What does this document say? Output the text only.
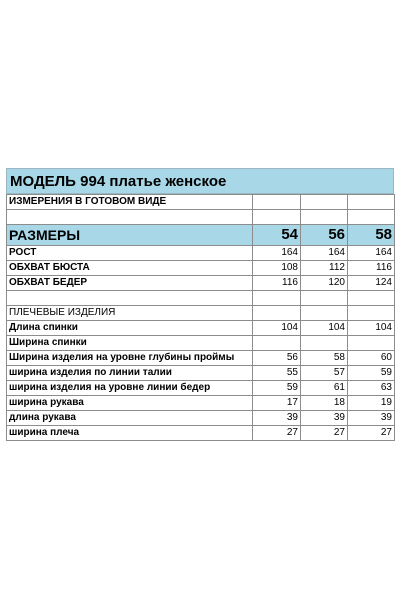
МОДЕЛЬ 994 платье женское
ИЗМЕРЕНИЯ В ГОТОВОМ ВИДЕ			

РАЗМЕРЫ	54	56	58
РОСТ	164	164	164
ОБХВАТ БЮСТА	108	112	116
ОБХВАТ БЕДЕР	116	120	124

ПЛЕЧЕВЫЕ ИЗДЕЛИЯ			
Длина спинки	104	104	104
Ширина спинки			
Ширина изделия на уровне глубины проймы	56	58	60
ширина изделия по линии талии	55	57	59
ширина изделия на уровне линии бедер	59	61	63
ширина рукава	17	18	19
длина рукава	39	39	39
ширина плеча	27	27	27
